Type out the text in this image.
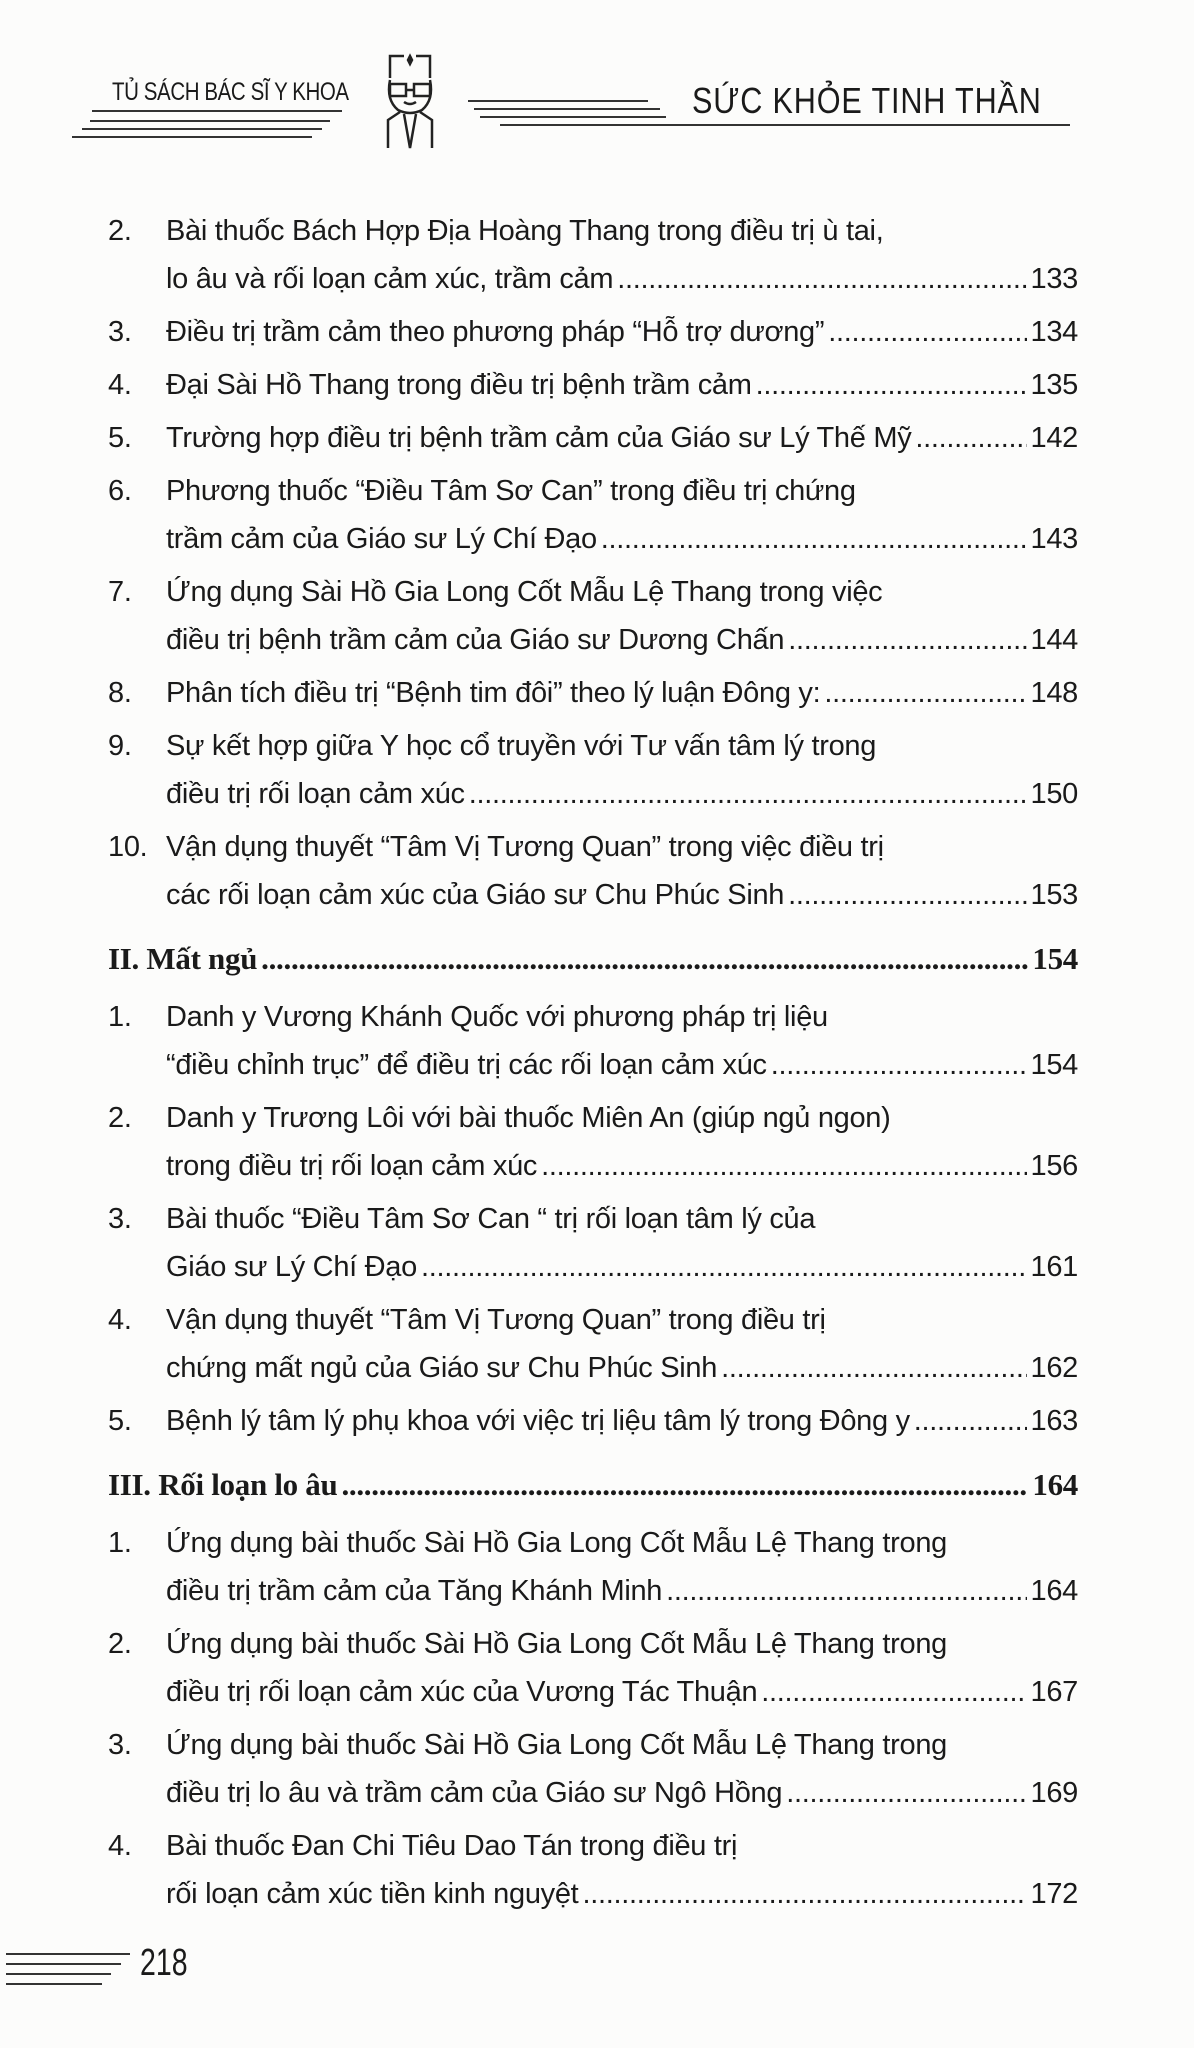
TỦ SÁCH BÁC SĨ Y KHOA	SỨC KHỎE TINH THẦN
2.	Bài thuốc Bách Hợp Địa Hoàng Thang trong điều trị ù tai,
lo âu và rối loạn cảm xúc, trầm cảm .....	133
3.	Điều trị trầm cảm theo phương pháp “Hỗ trợ dương” .....	134
4.	Đại Sài Hồ Thang trong điều trị bệnh trầm cảm .....	135
5.	Trường hợp điều trị bệnh trầm cảm của Giáo sư Lý Thế Mỹ .....	142
6.	Phương thuốc “Điều Tâm Sơ Can” trong điều trị chứng
trầm cảm của Giáo sư Lý Chí Đạo .....	143
7.	Ứng dụng Sài Hồ Gia Long Cốt Mẫu Lệ Thang trong việc
điều trị bệnh trầm cảm của Giáo sư Dương Chấn .....	144
8.	Phân tích điều trị “Bệnh tim đôi” theo lý luận Đông y: .....	148
9.	Sự kết hợp giữa Y học cổ truyền với Tư vấn tâm lý trong
điều trị rối loạn cảm xúc .....	150
10. Vận dụng thuyết “Tâm Vị Tương Quan” trong việc điều trị
các rối loạn cảm xúc của Giáo sư Chu Phúc Sinh .....	153
II. Mất ngủ .....	154
1.	Danh y Vương Khánh Quốc với phương pháp trị liệu
“điều chỉnh trục” để điều trị các rối loạn cảm xúc .....	154
2.	Danh y Trương Lôi với bài thuốc Miên An (giúp ngủ ngon)
trong điều trị rối loạn cảm xúc .....	156
3.	Bài thuốc “Điều Tâm Sơ Can “ trị rối loạn tâm lý của
Giáo sư Lý Chí Đạo .....	161
4.	Vận dụng thuyết “Tâm Vị Tương Quan” trong điều trị
chứng mất ngủ của Giáo sư Chu Phúc Sinh .....	162
5.	Bệnh lý tâm lý phụ khoa với việc trị liệu tâm lý trong Đông y .....	163
III. Rối loạn lo âu .....	164
1.	Ứng dụng bài thuốc Sài Hồ Gia Long Cốt Mẫu Lệ Thang trong
điều trị trầm cảm của Tăng Khánh Minh .....	164
2.	Ứng dụng bài thuốc Sài Hồ Gia Long Cốt Mẫu Lệ Thang trong
điều trị rối loạn cảm xúc của Vương Tác Thuận .....	167
3.	Ứng dụng bài thuốc Sài Hồ Gia Long Cốt Mẫu Lệ Thang trong
điều trị lo âu và trầm cảm của Giáo sư Ngô Hồng .....	169
4.	Bài thuốc Đan Chi Tiêu Dao Tán trong điều trị
rối loạn cảm xúc tiền kinh nguyệt .....	172
218
